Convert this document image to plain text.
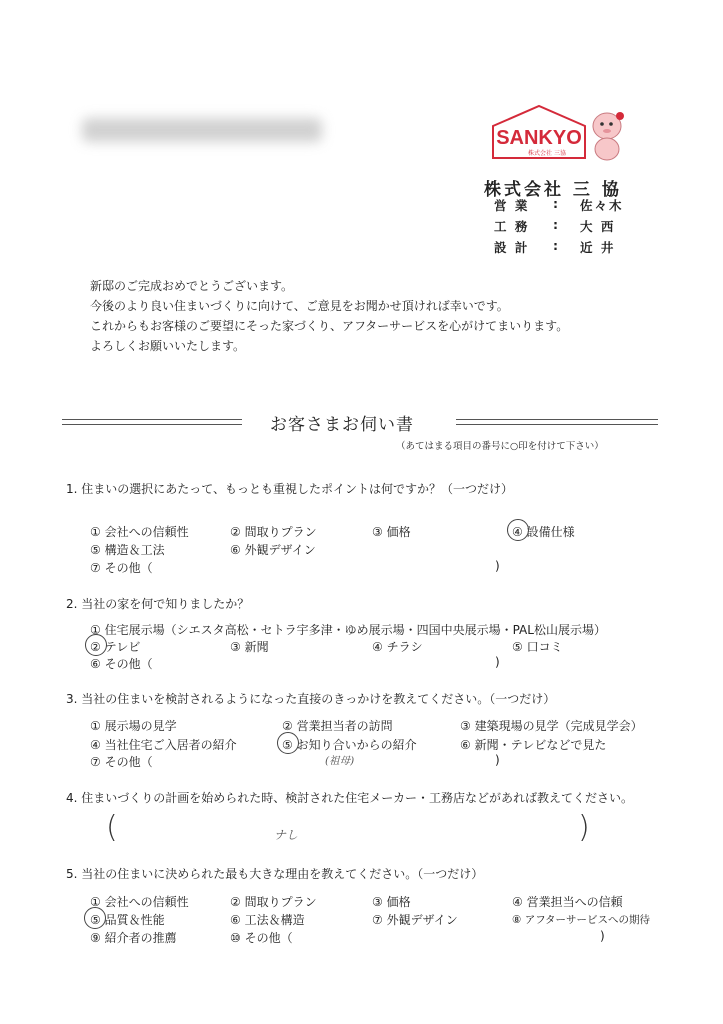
SANKYO
株式会社 三協
株式会社 三 協
営 業 : 佐々木
工 務 : 大 西
設 計 : 近 井
新邸のご完成おめでとうございます。
今後のより良い住まいづくりに向けて、ご意見をお聞かせ頂ければ幸いです。
これからもお客様のご要望にそった家づくり、アフターサービスを心がけてまいります。
よろしくお願いいたします。
お客さまお伺い書
（あてはまる項目の番号に○印を付けて下さい）
1. 住まいの選択にあたって、もっとも重視したポイントは何ですか？（一つだけ）
① 会社への信頼性	② 間取りプラン	③ 価格	④ 設備仕様
⑤ 構造＆工法	⑥ 外観デザイン
⑦ その他（	)
2. 当社の家を何で知りましたか？
① 住宅展示場（シエスタ高松・セトラ宇多津・ゆめ展示場・四国中央展示場・PAL松山展示場）
② テレビ	③ 新聞	④ チラシ	⑤ 口コミ
⑥ その他（	)
3. 当社の住まいを検討されるようになった直接のきっかけを教えてください。（一つだけ）
① 展示場の見学	② 営業担当者の訪問	③ 建築現場の見学（完成見学会）
④ 当社住宅ご入居者の紹介	⑤ お知り合いからの紹介	⑥ 新聞・テレビなどで見た
(祖母)
⑦ その他（	)
4. 住まいづくりの計画を始められた時、検討された住宅メーカー・工務店などがあれば教えてください。
(	ナし	)
5. 当社の住まいに決められた最も大きな理由を教えてください。（一つだけ）
① 会社への信頼性	② 間取りプラン	③ 価格	④ 営業担当への信頼
⑤ 品質＆性能	⑥ 工法＆構造	⑦ 外観デザイン	⑧ アフターサービスへの期待
⑨ 紹介者の推薦	⑩ その他（	)
